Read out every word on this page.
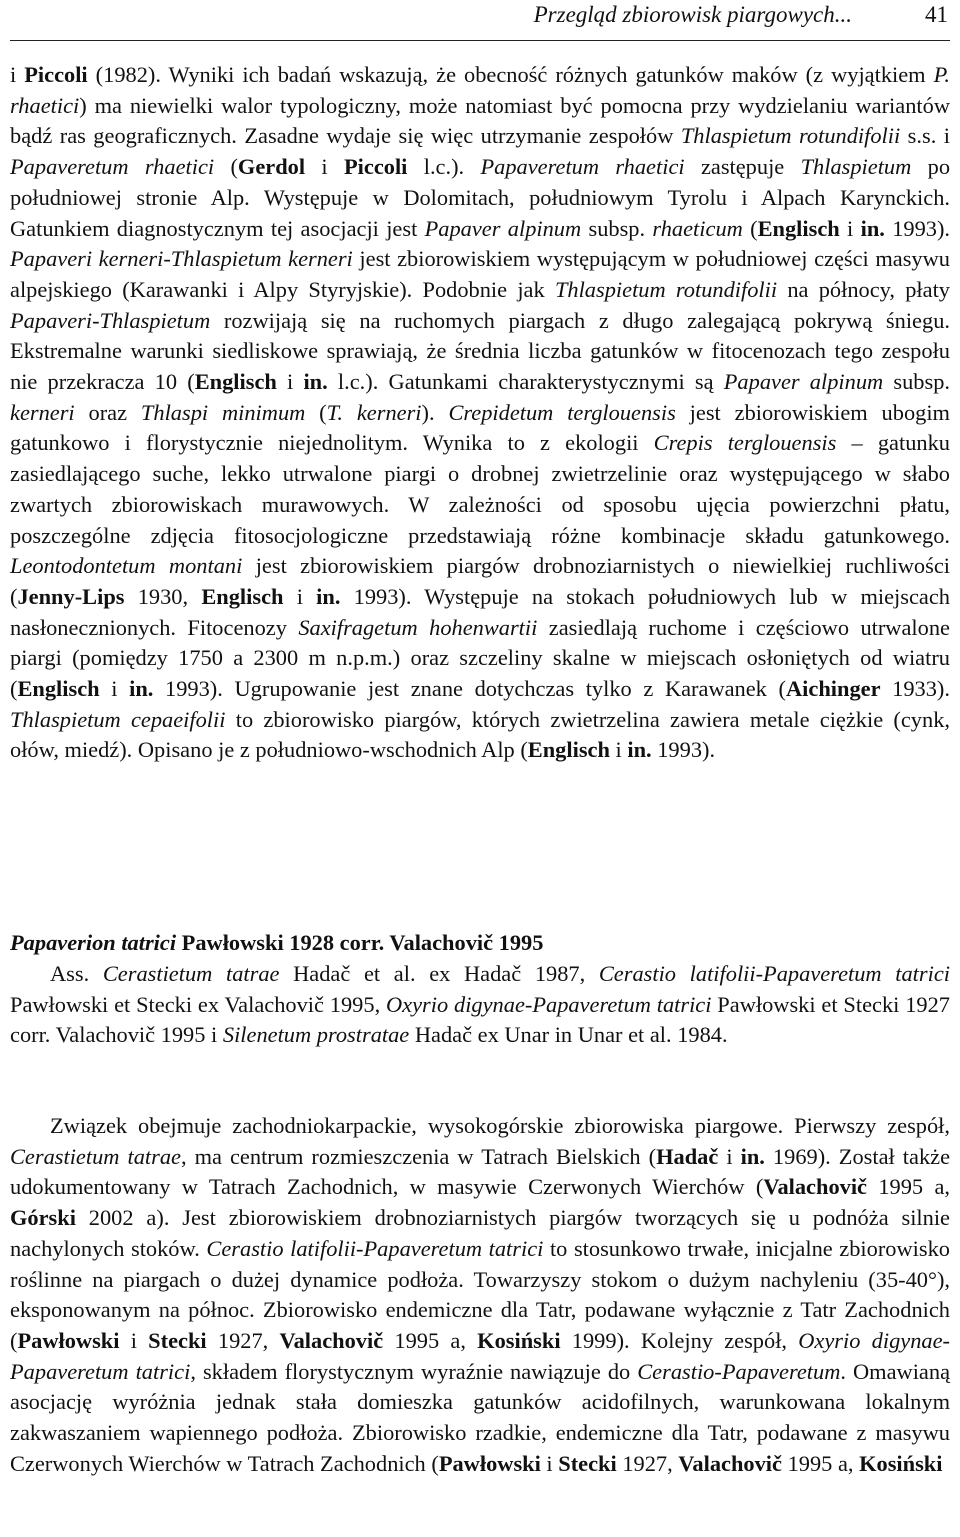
Przegląd zbiorowisk piargowych...	41

i Piccoli (1982). Wyniki ich badań wskazują, że obecność różnych gatunków maków (z wyjątkiem P. rhaetici) ma niewielki walor typologiczny, może natomiast być pomocna przy wydzielaniu wariantów bądź ras geograficznych. Zasadne wydaje się więc utrzymanie zespołów Thlaspietum rotundifolii s.s. i Papaveretum rhaetici (Gerdol i Piccoli l.c.). Papaveretum rhaetici zastępuje Thlaspietum po południowej stronie Alp. Występuje w Dolomitach, południowym Tyrolu i Alpach Karynckich. Gatunkiem diagnostycznym tej asocjacji jest Papaver alpinum subsp. rhaeticum (Englisch i in. 1993). Papaveri kerneri-Thlaspietum kerneri jest zbiorowiskiem występującym w południowej części masywu alpejskiego (Karawanki i Alpy Styryjskie). Podobnie jak Thlaspietum rotundifolii na północy, płaty Papaveri-Thlaspietum rozwijają się na ruchomych piargach z długo zalegającą pokrywą śniegu. Ekstremalne warunki siedliskowe sprawiają, że średnia liczba gatunków w fitocenozach tego zespołu nie przekracza 10 (Englisch i in. l.c.). Gatunkami charakterystycznymi są Papaver alpinum subsp. kerneri oraz Thlaspi minimum (T. kerneri). Crepidetum terglouensis jest zbiorowiskiem ubogim gatunkowo i florystycznie niejednolitym. Wynika to z ekologii Crepis terglouensis – gatunku zasiedlającego suche, lekko utrwalone piargi o drobnej zwietrzelinie oraz występującego w słabo zwartych zbiorowiskach murawowych. W zależności od sposobu ujęcia powierzchni płatu, poszczególne zdjęcia fitosocjologiczne przedstawiają różne kombinacje składu gatunkowego. Leontodontetum montani jest zbiorowiskiem piargów drobnoziarnistych o niewielkiej ruchliwości (Jenny-Lips 1930, Englisch i in. 1993). Występuje na stokach południowych lub w miejscach nasłonecznionych. Fitocenozy Saxifragetum hohenwartii zasiedlają ruchome i częściowo utrwalone piargi (pomiędzy 1750 a 2300 m n.p.m.) oraz szczeliny skalne w miejscach osłoniętych od wiatru (Englisch i in. 1993). Ugrupowanie jest znane dotychczas tylko z Karawanek (Aichinger 1933). Thlaspietum cepaeifolii to zbiorowisko piargów, których zwietrzelina zawiera metale ciężkie (cynk, ołów, miedź). Opisano je z południowo-wschodnich Alp (Englisch i in. 1993).

Papaverion tatrici Pawłowski 1928 corr. Valachovič 1995

Ass. Cerastietum tatrae Hadač et al. ex Hadač 1987, Cerastio latifolii-Papaveretum tatrici Pawłowski et Stecki ex Valachovič 1995, Oxyrio digynae-Papaveretum tatrici Pawłowski et Stecki 1927 corr. Valachovič 1995 i Silenetum prostratae Hadač ex Unar in Unar et al. 1984.

Związek obejmuje zachodniokarpackie, wysokogórskie zbiorowiska piargowe. Pierwszy zespół, Cerastietum tatrae, ma centrum rozmieszczenia w Tatrach Bielskich (Hadač i in. 1969). Został także udokumentowany w Tatrach Zachodnich, w masywie Czerwonych Wierchów (Valachovič 1995 a, Górski 2002 a). Jest zbiorowiskiem drobnoziarnistych piargów tworzących się u podnóża silnie nachylonych stoków. Cerastio latifolii-Papaveretum tatrici to stosunkowo trwałe, inicjalne zbiorowisko roślinne na piargach o dużej dynamice podłoża. Towarzyszy stokom o dużym nachyleniu (35-40°), eksponowanym na północ. Zbiorowisko endemiczne dla Tatr, podawane wyłącznie z Tatr Zachodnich (Pawłowski i Stecki 1927, Valachovič 1995 a, Kosiński 1999). Kolejny zespół, Oxyrio digynae-Papaveretum tatrici, składem florystycznym wyraźnie nawiązuje do Cerastio-Papaveretum. Omawianą asocjację wyróżnia jednak stała domieszka gatunków acidofilnych, warunkowana lokalnym zakwaszaniem wapiennego podłoża. Zbiorowisko rzadkie, endemiczne dla Tatr, podawane z masywu Czerwonych Wierchów w Tatrach Zachodnich (Pawłowski i Stecki 1927, Valachovič 1995 a, Kosiński
